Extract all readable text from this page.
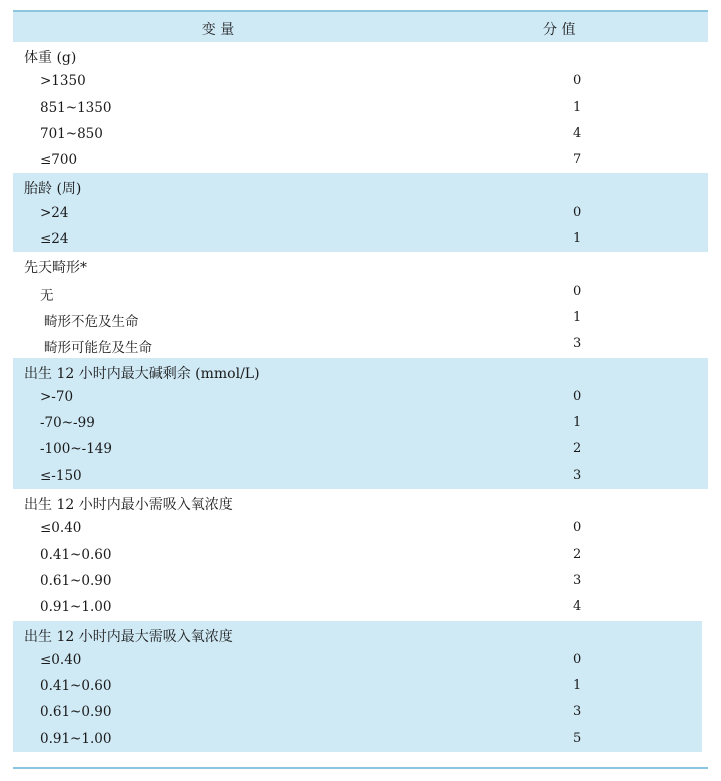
变 量	分 值
体重 (g)
>1350	0
851~1350	1
701~850	4
≤700	7
胎龄 (周)
>24	0
≤24	1
先天畸形*
无	0
畸形不危及生命	1
畸形可能危及生命	3
出生 12 小时内最大碱剩余 (mmol/L)
>-70	0
-70~-99	1
-100~-149	2
≤-150	3
出生 12 小时内最小需吸入氧浓度
≤0.40	0
0.41~0.60	2
0.61~0.90	3
0.91~1.00	4
出生 12 小时内最大需吸入氧浓度
≤0.40	0
0.41~0.60	1
0.61~0.90	3
0.91~1.00	5
